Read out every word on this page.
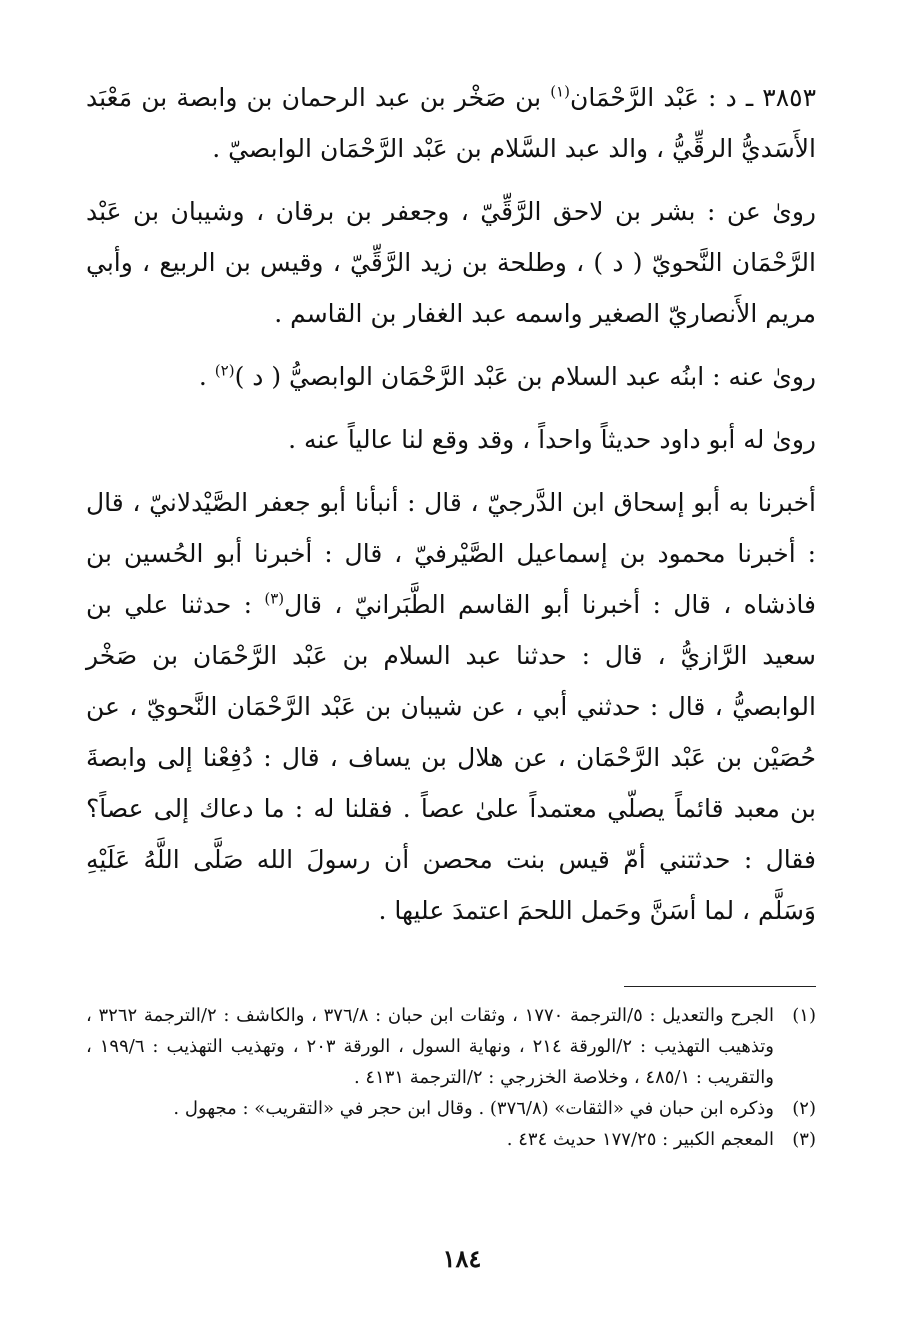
٣٨٥٣ ـ د : عَبْد الرَّحْمَان$^{(١)}$ بن صَخْر بن عبد الرحمان بن وابصة بن مَعْبَد الأَسَديُّ الرقِّيُّ ، والد عبد السَّلام بن عَبْد الرَّحْمَان الوابصيّ .

روىٰ عن : بشر بن لاحق الرَّقِّيّ ، وجعفر بن برقان ، وشيبان بن عَبْد الرَّحْمَان النَّحويّ ( د ) ، وطلحة بن زيد الرَّقِّيّ ، وقيس بن الربيع ، وأبي مريم الأَنصاريّ الصغير واسمه عبد الغفار بن القاسم .

روىٰ عنه : ابنُه عبد السلام بن عَبْد الرَّحْمَان الوابصيُّ ( د )$^{(٢)}$ .

روىٰ له أبو داود حديثاً واحداً ، وقد وقع لنا عالياً عنه .

أخبرنا به أبو إسحاق ابن الدَّرجيّ ، قال : أنبأنا أبو جعفر الصَّيْدلانيّ ، قال : أخبرنا محمود بن إسماعيل الصَّيْرفيّ ، قال : أخبرنا أبو الحُسين بن فاذشاه ، قال : أخبرنا أبو القاسم الطَّبَرانيّ ، قال$^{(٣)}$ : حدثنا علي بن سعيد الرَّازيُّ ، قال : حدثنا عبد السلام بن عَبْد الرَّحْمَان بن صَخْر الوابصيُّ ، قال : حدثني أبي ، عن شيبان بن عَبْد الرَّحْمَان النَّحويّ ، عن حُصَيْن بن عَبْد الرَّحْمَان ، عن هلال بن يساف ، قال : دُفِعْنا إلى وابصةَ بن معبد قائماً يصلّي معتمداً علىٰ عصاً . فقلنا له : ما دعاك إلى عصاً؟ فقال : حدثتني أمّ قيس بنت محصن أن رسولَ الله صَلَّى اللَّهُ عَلَيْهِ وَسَلَّم ، لما أسَنَّ وحَمل اللحمَ اعتمدَ عليها .

(١)
الجرح والتعديل : ٥/الترجمة ١٧٧٠ ، وثقات ابن حبان : ٣٧٦/٨ ، والكاشف : ٢/الترجمة ٣٢٦٢ ، وتذهيب التهذيب : ٢/الورقة ٢١٤ ، ونهاية السول ، الورقة ٢٠٣ ، وتهذيب التهذيب : ١٩٩/٦ ، والتقريب : ٤٨٥/١ ، وخلاصة الخزرجي : ٢/الترجمة ٤١٣١ .
(٢)
وذكره ابن حبان في «الثقات» (٣٧٦/٨) . وقال ابن حجر في «التقريب» : مجهول .
(٣)
المعجم الكبير : ١٧٧/٢٥ حديث ٤٣٤ .
١٨٤
